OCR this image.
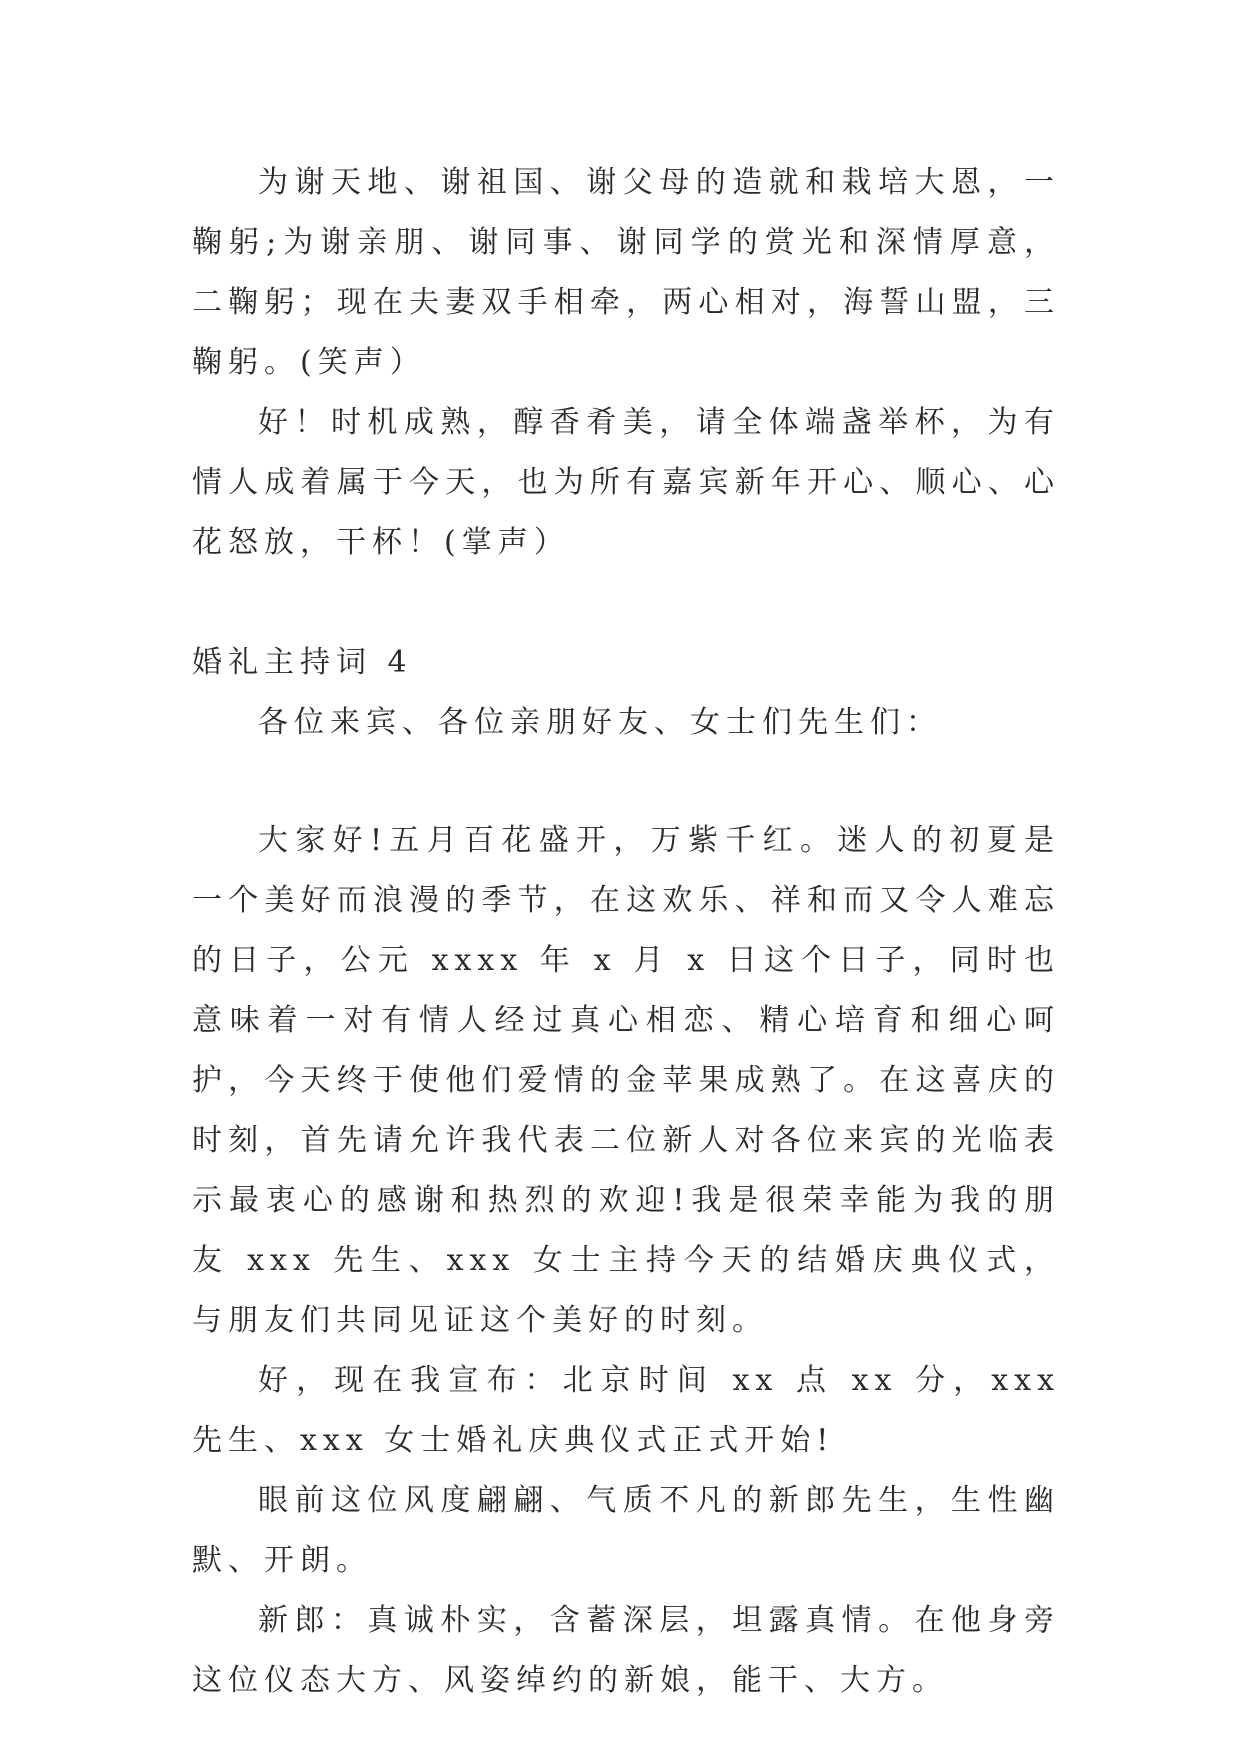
为谢天地、谢祖国、谢父母的造就和栽培大恩，一鞠躬;为谢亲朋、谢同事、谢同学的赏光和深情厚意，二鞠躬；现在夫妻双手相牵，两心相对，海誓山盟，三鞠躬。(笑声）

好！时机成熟，醇香肴美，请全体端盏举杯，为有情人成着属于今天，也为所有嘉宾新年开心、顺心、心花怒放，干杯！(掌声）

婚礼主持词 4

各位来宾、各位亲朋好友、女士们先生们：

大家好!五月百花盛开，万紫千红。迷人的初夏是一个美好而浪漫的季节，在这欢乐、祥和而又令人难忘的日子，公元 xxxx 年 x 月 x 日这个日子，同时也意味着一对有情人经过真心相恋、精心培育和细心呵护，今天终于使他们爱情的金苹果成熟了。在这喜庆的时刻，首先请允许我代表二位新人对各位来宾的光临表示最衷心的感谢和热烈的欢迎!我是很荣幸能为我的朋友 xxx 先生、xxx 女士主持今天的结婚庆典仪式，与朋友们共同见证这个美好的时刻。

好，现在我宣布：北京时间 xx 点 xx 分，xxx 先生、xxx 女士婚礼庆典仪式正式开始!

眼前这位风度翩翩、气质不凡的新郎先生，生性幽默、开朗。

新郎：真诚朴实，含蓄深层，坦露真情。在他身旁这位仪态大方、风姿绰约的新娘，能干、大方。
